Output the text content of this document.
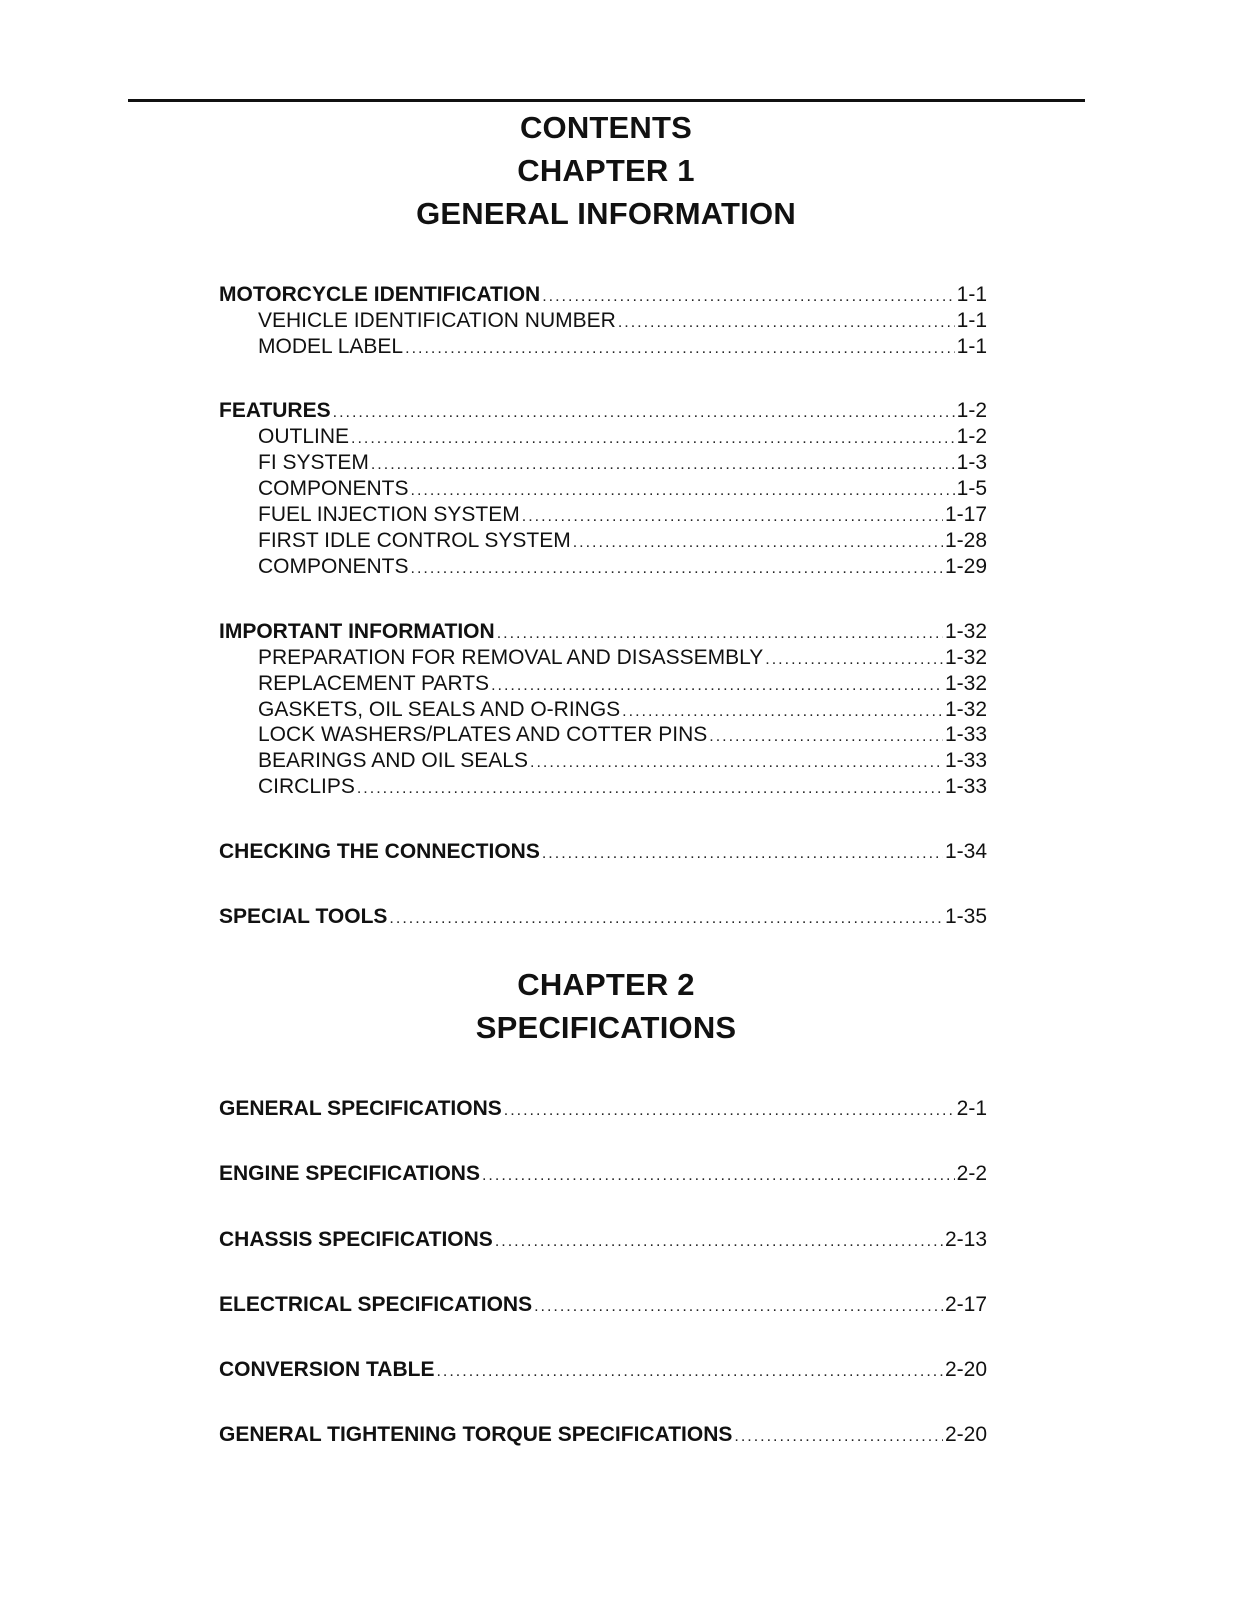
CONTENTS
CHAPTER 1
GENERAL INFORMATION
MOTORCYCLE IDENTIFICATION .....	1-1
VEHICLE IDENTIFICATION NUMBER .....	1-1
MODEL LABEL .....	1-1
FEATURES .....	1-2
OUTLINE .....	1-2
FI SYSTEM .....	1-3
COMPONENTS .....	1-5
FUEL INJECTION SYSTEM .....	1-17
FIRST IDLE CONTROL SYSTEM .....	1-28
COMPONENTS .....	1-29
IMPORTANT INFORMATION .....	1-32
PREPARATION FOR REMOVAL AND DISASSEMBLY .....	1-32
REPLACEMENT PARTS .....	1-32
GASKETS, OIL SEALS AND O-RINGS .....	1-32
LOCK WASHERS/PLATES AND COTTER PINS .....	1-33
BEARINGS AND OIL SEALS .....	1-33
CIRCLIPS .....	1-33
CHECKING THE CONNECTIONS .....	1-34
SPECIAL TOOLS .....	1-35
CHAPTER 2
SPECIFICATIONS
GENERAL SPECIFICATIONS .....	2-1
ENGINE SPECIFICATIONS .....	2-2
CHASSIS SPECIFICATIONS .....	2-13
ELECTRICAL SPECIFICATIONS .....	2-17
CONVERSION TABLE .....	2-20
GENERAL TIGHTENING TORQUE SPECIFICATIONS .....	2-20
